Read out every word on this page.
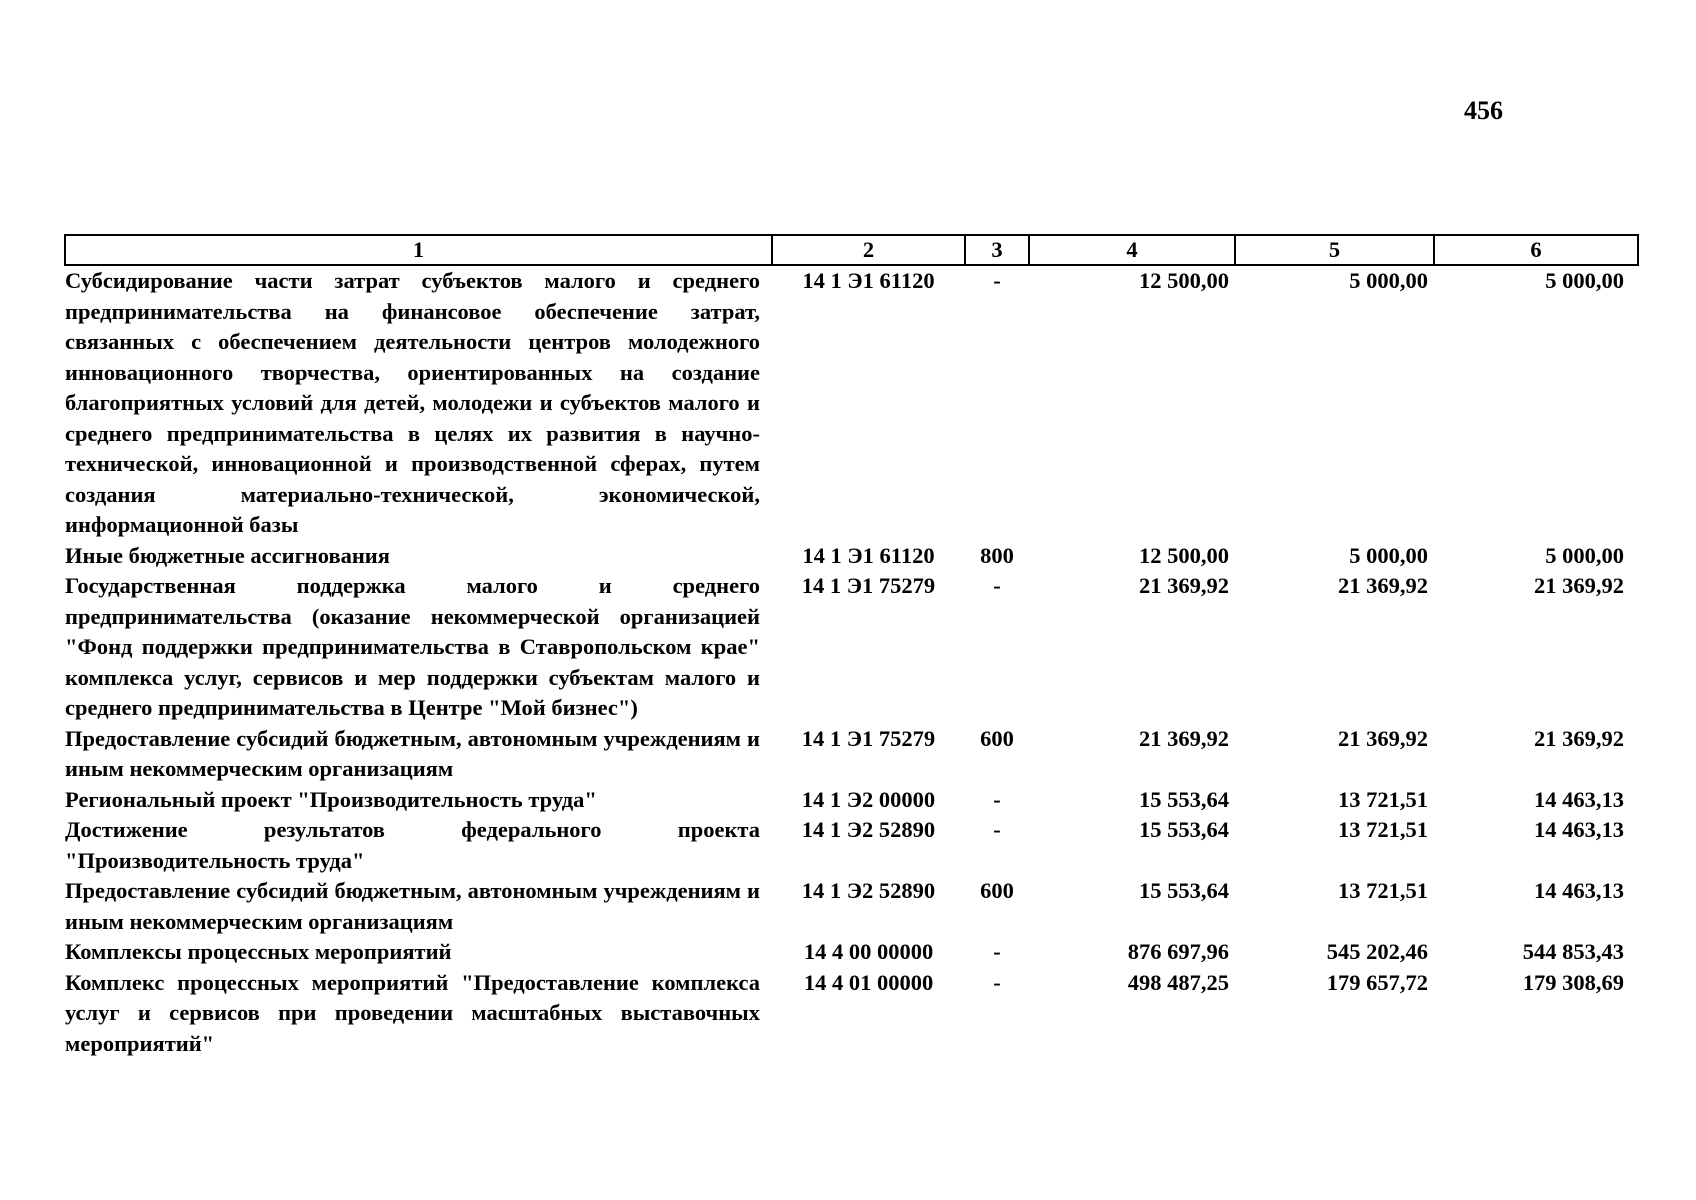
456
1	2	3	4	5	6
Субсидирование части затрат субъектов малого и среднего предпринимательства на финансовое обеспечение затрат, связанных с обеспечением деятельности центров молодежного инновационного творчества, ориентированных на создание благоприятных условий для детей, молодежи и субъектов малого и среднего предпринимательства в целях их развития в научно-технической, инновационной и производственной сферах, путем создания материально-технической, экономической, информационной базы	14 1 Э1 61120	-	12 500,00	5 000,00	5 000,00
Иные бюджетные ассигнования	14 1 Э1 61120	800	12 500,00	5 000,00	5 000,00
Государственная поддержка малого и среднего предпринимательства (оказание некоммерческой организацией "Фонд поддержки предпринимательства в Ставропольском крае" комплекса услуг, сервисов и мер поддержки субъектам малого и среднего предпринимательства в Центре "Мой бизнес")	14 1 Э1 75279	-	21 369,92	21 369,92	21 369,92
Предоставление субсидий бюджетным, автономным учреждениям и иным некоммерческим организациям	14 1 Э1 75279	600	21 369,92	21 369,92	21 369,92
Региональный проект "Производительность труда"	14 1 Э2 00000	-	15 553,64	13 721,51	14 463,13
Достижение результатов федерального проекта "Производительность труда"	14 1 Э2 52890	-	15 553,64	13 721,51	14 463,13
Предоставление субсидий бюджетным, автономным учреждениям и иным некоммерческим организациям	14 1 Э2 52890	600	15 553,64	13 721,51	14 463,13
Комплексы процессных мероприятий	14 4 00 00000	-	876 697,96	545 202,46	544 853,43
Комплекс процессных мероприятий "Предоставление комплекса услуг и сервисов при проведении масштабных выставочных мероприятий"	14 4 01 00000	-	498 487,25	179 657,72	179 308,69
